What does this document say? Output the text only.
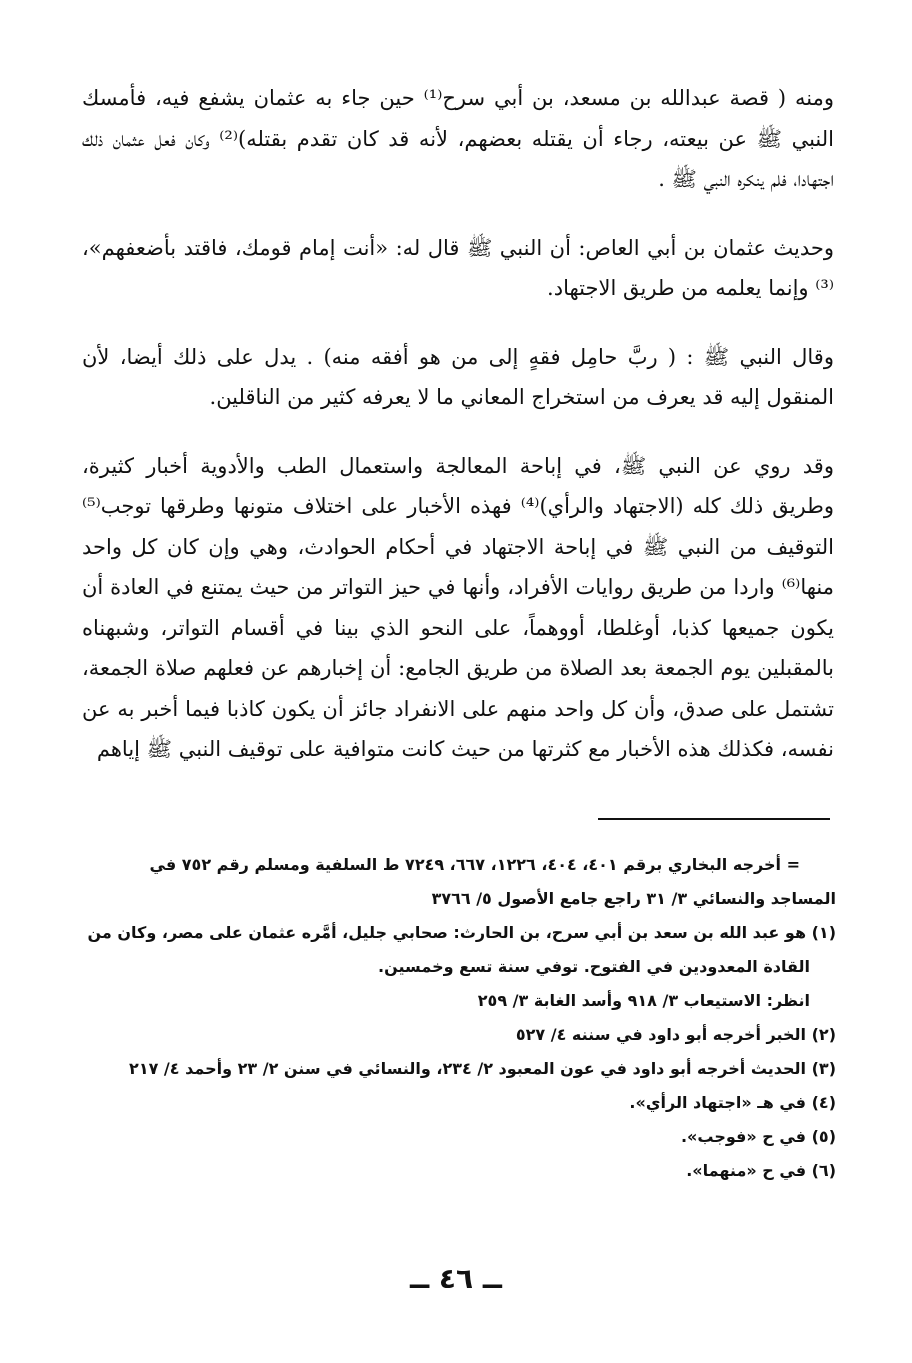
ومنه ( قصة عبدالله بن مسعد، بن أبي سرح⁽¹⁾ حين جاء به عثمان يشفع فيه، فأمسك النبي ﷺ عن بيعته، رجاء أن يقتله بعضهم، لأنه قد كان تقدم بقتله)⁽²⁾ وكان فعل عثمان ذلك اجتهادا، فلم ينكره النبي ﷺ .

وحديث عثمان بن أبي العاص: أن النبي ﷺ قال له: «أنت إمام قومك، فاقتد بأضعفهم»،⁽³⁾ وإنما يعلمه من طريق الاجتهاد.

وقال النبي ﷺ : ( ربَّ حامِل فقهٍ إلى من هو أفقه منه) . يدل على ذلك أيضا، لأن المنقول إليه قد يعرف من استخراج المعاني ما لا يعرفه كثير من الناقلين.

وقد روي عن النبي ﷺ، في إباحة المعالجة واستعمال الطب والأدوية أخبار كثيرة، وطريق ذلك كله (الاجتهاد والرأي)⁽⁴⁾ فهذه الأخبار على اختلاف متونها وطرقها توجب⁽⁵⁾ التوقيف من النبي ﷺ في إباحة الاجتهاد في أحكام الحوادث، وهي وإن كان كل واحد منها⁽⁶⁾ واردا من طريق روايات الأفراد، وأنها في حيز التواتر من حيث يمتنع في العادة أن يكون جميعها كذبا، أوغلطا، أووهماً، على النحو الذي بينا في أقسام التواتر، وشبهناه بالمقبلين يوم الجمعة بعد الصلاة من طريق الجامع: أن إخبارهم عن فعلهم صلاة الجمعة، تشتمل على صدق، وأن كل واحد منهم على الانفراد جائز أن يكون كاذبا فيما أخبر به عن نفسه، فكذلك هذه الأخبار مع كثرتها من حيث كانت متوافية على توقيف النبي ﷺ إياهم

= أخرجه البخاري برقم ٤٠١، ٤٠٤، ١٢٢٦، ٦٦٧، ٧٢٤٩ ط السلفية ومسلم رقم ٧٥٢ في

المساجد والنسائي ٣/ ٣١ راجع جامع الأصول ٥/ ٣٧٦٦

(١) هو عبد الله بن سعد بن أبي سرح، بن الحارث: صحابي جليل، أمَّره عثمان على مصر، وكان من

القادة المعدودين في الفتوح. توفي سنة تسع وخمسين.

انظر: الاستيعاب ٣/ ٩١٨ وأسد الغابة ٣/ ٢٥٩

(٢) الخبر أخرجه أبو داود في سننه ٤/ ٥٢٧

(٣) الحديث أخرجه أبو داود في عون المعبود ٢/ ٢٣٤، والنسائي في سنن ٢/ ٢٣ وأحمد ٤/ ٢١٧

(٤) في هـ «اجتهاد الرأي».

(٥) في ح «فوجب».

(٦) في ح «منهما».

ــ ٤٦ ــ
